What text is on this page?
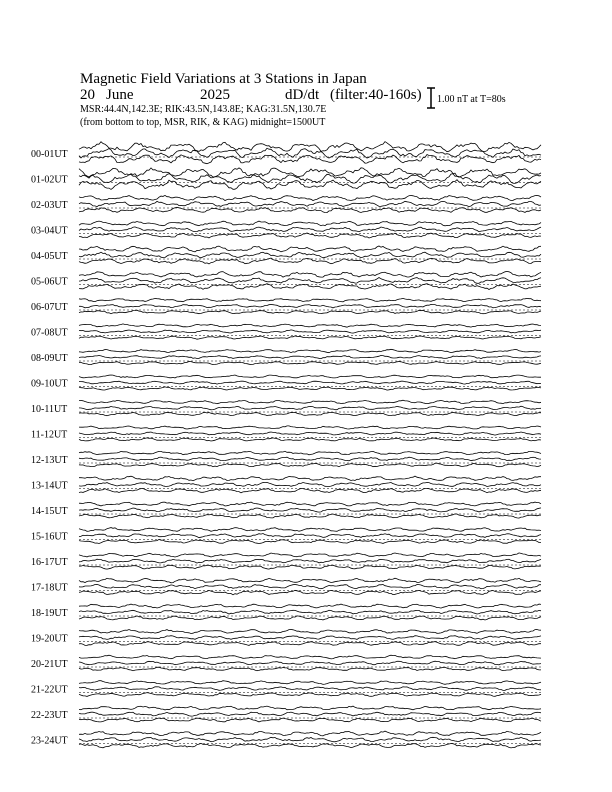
Magnetic Field Variations at 3 Stations in Japan
20 June	2025	dD/dt (filter:40-160s)
MSR:44.4N,142.3E; RIK:43.5N,143.8E; KAG:31.5N,130.7E
(from bottom to top, MSR, RIK, & KAG) midnight=1500UT
1.00 nT at T=80s
00-01UT
01-02UT
02-03UT
03-04UT
04-05UT
05-06UT
06-07UT
07-08UT
08-09UT
09-10UT
10-11UT
11-12UT
12-13UT
13-14UT
14-15UT
15-16UT
16-17UT
17-18UT
18-19UT
19-20UT
20-21UT
21-22UT
22-23UT
23-24UT
